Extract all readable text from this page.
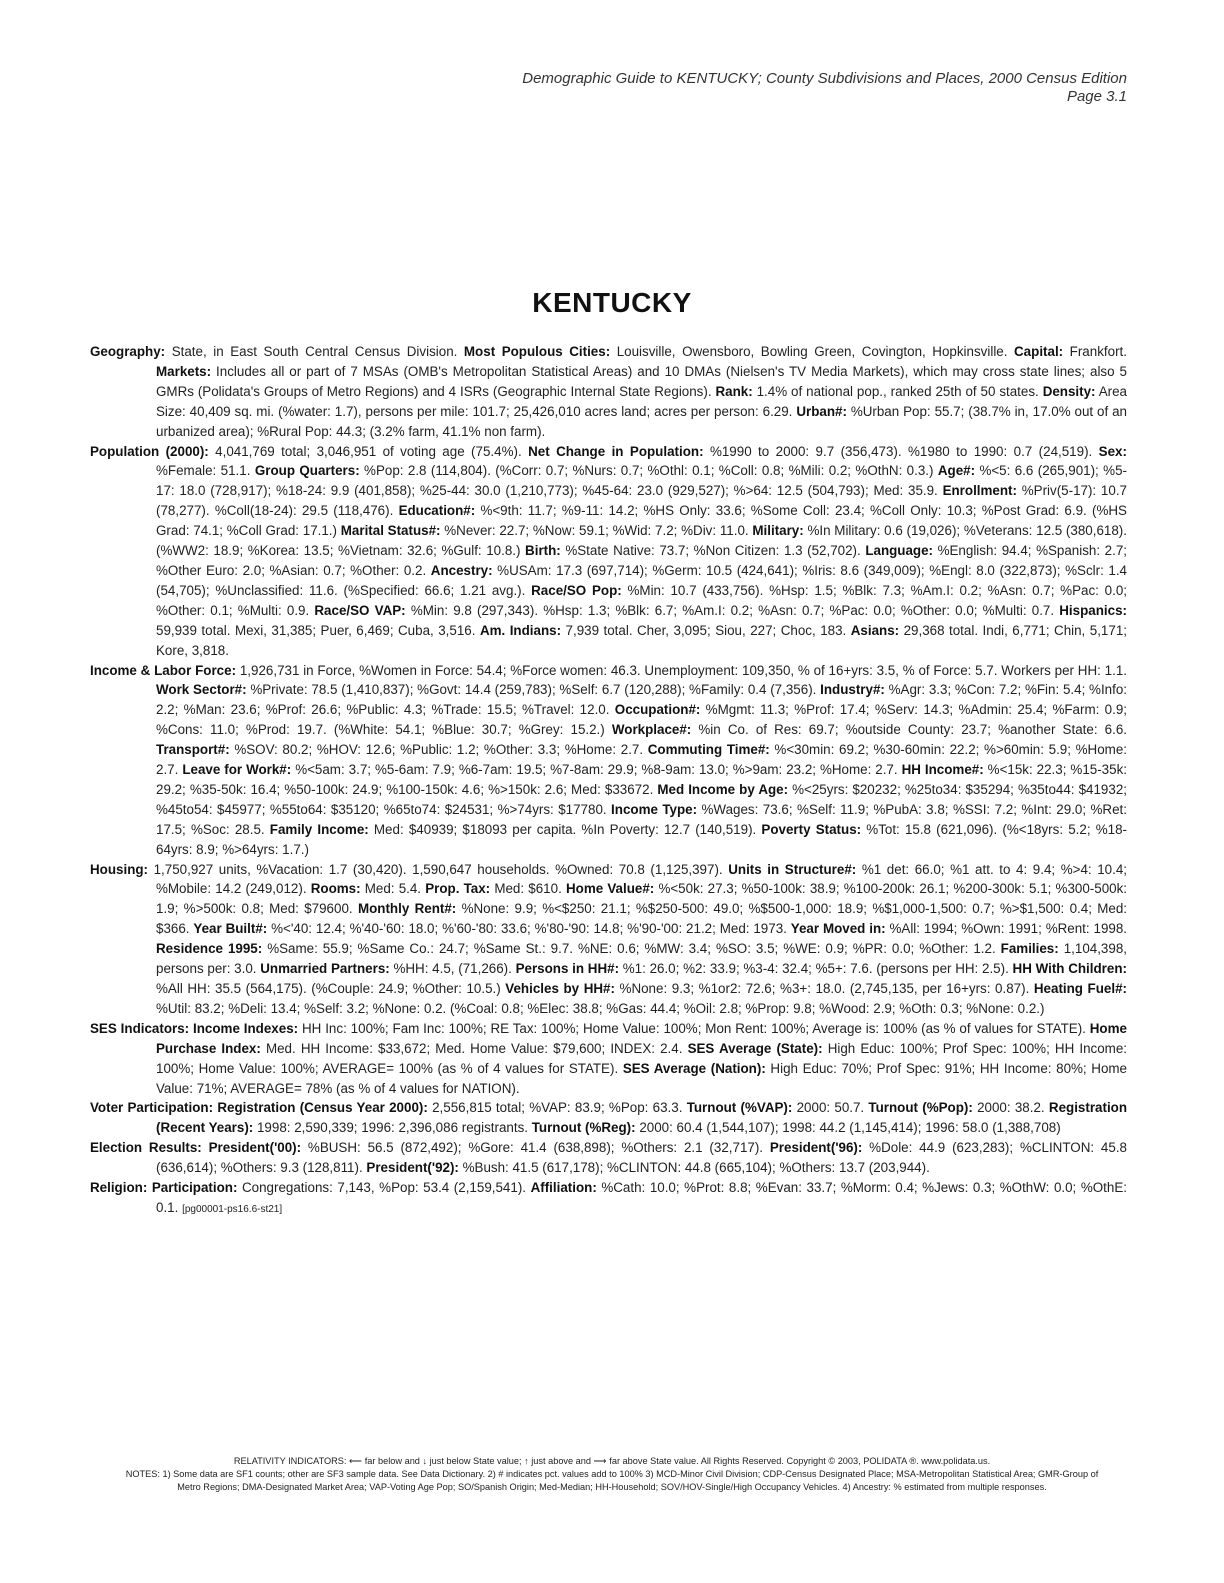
Demographic Guide to KENTUCKY; County Subdivisions and Places, 2000 Census Edition
Page 3.1
KENTUCKY

Geography: State, in East South Central Census Division. Most Populous Cities: Louisville, Owensboro, Bowling Green, Covington, Hopkinsville. Capital: Frankfort. Markets: Includes all or part of 7 MSAs (OMB's Metropolitan Statistical Areas) and 10 DMAs (Nielsen's TV Media Markets), which may cross state lines; also 5 GMRs (Polidata's Groups of Metro Regions) and 4 ISRs (Geographic Internal State Regions). Rank: 1.4% of national pop., ranked 25th of 50 states. Density: Area Size: 40,409 sq. mi. (%water: 1.7), persons per mile: 101.7; 25,426,010 acres land; acres per person: 6.29. Urban#: %Urban Pop: 55.7; (38.7% in, 17.0% out of an urbanized area); %Rural Pop: 44.3; (3.2% farm, 41.1% non farm).

Population (2000): 4,041,769 total; 3,046,951 of voting age (75.4%). Net Change in Population: %1990 to 2000: 9.7 (356,473). %1980 to 1990: 0.7 (24,519). Sex: %Female: 51.1. Group Quarters: %Pop: 2.8 (114,804). (%Corr: 0.7; %Nurs: 0.7; %Othl: 0.1; %Coll: 0.8; %Mili: 0.2; %OthN: 0.3.) Age#: %<5: 6.6 (265,901); %5-17: 18.0 (728,917); %18-24: 9.9 (401,858); %25-44: 30.0 (1,210,773); %45-64: 23.0 (929,527); %>64: 12.5 (504,793); Med: 35.9. Enrollment: %Priv(5-17): 10.7 (78,277). %Coll(18-24): 29.5 (118,476). Education#: %<9th: 11.7; %9-11: 14.2; %HS Only: 33.6; %Some Coll: 23.4; %Coll Only: 10.3; %Post Grad: 6.9. (%HS Grad: 74.1; %Coll Grad: 17.1.) Marital Status#: %Never: 22.7; %Now: 59.1; %Wid: 7.2; %Div: 11.0. Military: %In Military: 0.6 (19,026); %Veterans: 12.5 (380,618). (%WW2: 18.9; %Korea: 13.5; %Vietnam: 32.6; %Gulf: 10.8.) Birth: %State Native: 73.7; %Non Citizen: 1.3 (52,702). Language: %English: 94.4; %Spanish: 2.7; %Other Euro: 2.0; %Asian: 0.7; %Other: 0.2. Ancestry: %USAm: 17.3 (697,714); %Germ: 10.5 (424,641); %Iris: 8.6 (349,009); %Engl: 8.0 (322,873); %Sclr: 1.4 (54,705); %Unclassified: 11.6. (%Specified: 66.6; 1.21 avg.). Race/SO Pop: %Min: 10.7 (433,756). %Hsp: 1.5; %Blk: 7.3; %Am.I: 0.2; %Asn: 0.7; %Pac: 0.0; %Other: 0.1; %Multi: 0.9. Race/SO VAP: %Min: 9.8 (297,343). %Hsp: 1.3; %Blk: 6.7; %Am.I: 0.2; %Asn: 0.7; %Pac: 0.0; %Other: 0.0; %Multi: 0.7. Hispanics: 59,939 total. Mexi, 31,385; Puer, 6,469; Cuba, 3,516. Am. Indians: 7,939 total. Cher, 3,095; Siou, 227; Choc, 183. Asians: 29,368 total. Indi, 6,771; Chin, 5,171; Kore, 3,818.

Income & Labor Force: 1,926,731 in Force, %Women in Force: 54.4; %Force women: 46.3. Unemployment: 109,350, % of 16+yrs: 3.5, % of Force: 5.7. Workers per HH: 1.1. Work Sector#: %Private: 78.5 (1,410,837); %Govt: 14.4 (259,783); %Self: 6.7 (120,288); %Family: 0.4 (7,356). Industry#: %Agr: 3.3; %Con: 7.2; %Fin: 5.4; %Info: 2.2; %Man: 23.6; %Prof: 26.6; %Public: 4.3; %Trade: 15.5; %Travel: 12.0. Occupation#: %Mgmt: 11.3; %Prof: 17.4; %Serv: 14.3; %Admin: 25.4; %Farm: 0.9; %Cons: 11.0; %Prod: 19.7. (%White: 54.1; %Blue: 30.7; %Grey: 15.2.) Workplace#: %in Co. of Res: 69.7; %outside County: 23.7; %another State: 6.6. Transport#: %SOV: 80.2; %HOV: 12.6; %Public: 1.2; %Other: 3.3; %Home: 2.7. Commuting Time#: %<30min: 69.2; %30-60min: 22.2; %>60min: 5.9; %Home: 2.7. Leave for Work#: %<5am: 3.7; %5-6am: 7.9; %6-7am: 19.5; %7-8am: 29.9; %8-9am: 13.0; %>9am: 23.2; %Home: 2.7. HH Income#: %<15k: 22.3; %15-35k: 29.2; %35-50k: 16.4; %50-100k: 24.9; %100-150k: 4.6; %>150k: 2.6; Med: $33672. Med Income by Age: %<25yrs: $20232; %25to34: $35294; %35to44: $41932; %45to54: $45977; %55to64: $35120; %65to74: $24531; %>74yrs: $17780. Income Type: %Wages: 73.6; %Self: 11.9; %PubA: 3.8; %SSI: 7.2; %Int: 29.0; %Ret: 17.5; %Soc: 28.5. Family Income: Med: $40939; $18093 per capita. %In Poverty: 12.7 (140,519). Poverty Status: %Tot: 15.8 (621,096). (%<18yrs: 5.2; %18-64yrs: 8.9; %>64yrs: 1.7.)

Housing: 1,750,927 units, %Vacation: 1.7 (30,420). 1,590,647 households. %Owned: 70.8 (1,125,397). Units in Structure#: %1 det: 66.0; %1 att. to 4: 9.4; %>4: 10.4; %Mobile: 14.2 (249,012). Rooms: Med: 5.4. Prop. Tax: Med: $610. Home Value#: %<50k: 27.3; %50-100k: 38.9; %100-200k: 26.1; %200-300k: 5.1; %300-500k: 1.9; %>500k: 0.8; Med: $79600. Monthly Rent#: %None: 9.9; %<$250: 21.1; %$250-500: 49.0; %$500-1,000: 18.9; %$1,000-1,500: 0.7; %>$1,500: 0.4; Med: $366. Year Built#: %<'40: 12.4; %'40-'60: 18.0; %'60-'80: 33.6; %'80-'90: 14.8; %'90-'00: 21.2; Med: 1973. Year Moved in: %All: 1994; %Own: 1991; %Rent: 1998. Residence 1995: %Same: 55.9; %Same Co.: 24.7; %Same St.: 9.7. %NE: 0.6; %MW: 3.4; %SO: 3.5; %WE: 0.9; %PR: 0.0; %Other: 1.2. Families: 1,104,398, persons per: 3.0. Unmarried Partners: %HH: 4.5, (71,266). Persons in HH#: %1: 26.0; %2: 33.9; %3-4: 32.4; %5+: 7.6. (persons per HH: 2.5). HH With Children: %All HH: 35.5 (564,175). (%Couple: 24.9; %Other: 10.5.) Vehicles by HH#: %None: 9.3; %1or2: 72.6; %3+: 18.0. (2,745,135, per 16+yrs: 0.87). Heating Fuel#: %Util: 83.2; %Deli: 13.4; %Self: 3.2; %None: 0.2. (%Coal: 0.8; %Elec: 38.8; %Gas: 44.4; %Oil: 2.8; %Prop: 9.8; %Wood: 2.9; %Oth: 0.3; %None: 0.2.)

SES Indicators: Income Indexes: HH Inc: 100%; Fam Inc: 100%; RE Tax: 100%; Home Value: 100%; Mon Rent: 100%; Average is: 100% (as % of values for STATE). Home Purchase Index: Med. HH Income: $33,672; Med. Home Value: $79,600; INDEX: 2.4. SES Average (State): High Educ: 100%; Prof Spec: 100%; HH Income: 100%; Home Value: 100%; AVERAGE= 100% (as % of 4 values for STATE). SES Average (Nation): High Educ: 70%; Prof Spec: 91%; HH Income: 80%; Home Value: 71%; AVERAGE= 78% (as % of 4 values for NATION).

Voter Participation: Registration (Census Year 2000): 2,556,815 total; %VAP: 83.9; %Pop: 63.3. Turnout (%VAP): 2000: 50.7. Turnout (%Pop): 2000: 38.2. Registration (Recent Years): 1998: 2,590,339; 1996: 2,396,086 registrants. Turnout (%Reg): 2000: 60.4 (1,544,107); 1998: 44.2 (1,145,414); 1996: 58.0 (1,388,708)

Election Results: President('00): %BUSH: 56.5 (872,492); %Gore: 41.4 (638,898); %Others: 2.1 (32,717). President('96): %Dole: 44.9 (623,283); %CLINTON: 45.8 (636,614); %Others: 9.3 (128,811). President('92): %Bush: 41.5 (617,178); %CLINTON: 44.8 (665,104); %Others: 13.7 (203,944).

Religion: Participation: Congregations: 7,143, %Pop: 53.4 (2,159,541). Affiliation: %Cath: 10.0; %Prot: 8.8; %Evan: 33.7; %Morm: 0.4; %Jews: 0.3; %OthW: 0.0; %OthE: 0.1. [pg00001-ps16.6-st21]

RELATIVITY INDICATORS: ⟵ far below and ↓ just below State value; ↑ just above and ⟶ far above State value. All Rights Reserved. Copyright © 2003, POLIDATA ®. www.polidata.us.
NOTES: 1) Some data are SF1 counts; other are SF3 sample data. See Data Dictionary. 2) # indicates pct. values add to 100% 3) MCD-Minor Civil Division; CDP-Census Designated Place; MSA-Metropolitan Statistical Area; GMR-Group of
Metro Regions; DMA-Designated Market Area; VAP-Voting Age Pop; SO/Spanish Origin; Med-Median; HH-Household; SOV/HOV-Single/High Occupancy Vehicles. 4) Ancestry: % estimated from multiple responses.
